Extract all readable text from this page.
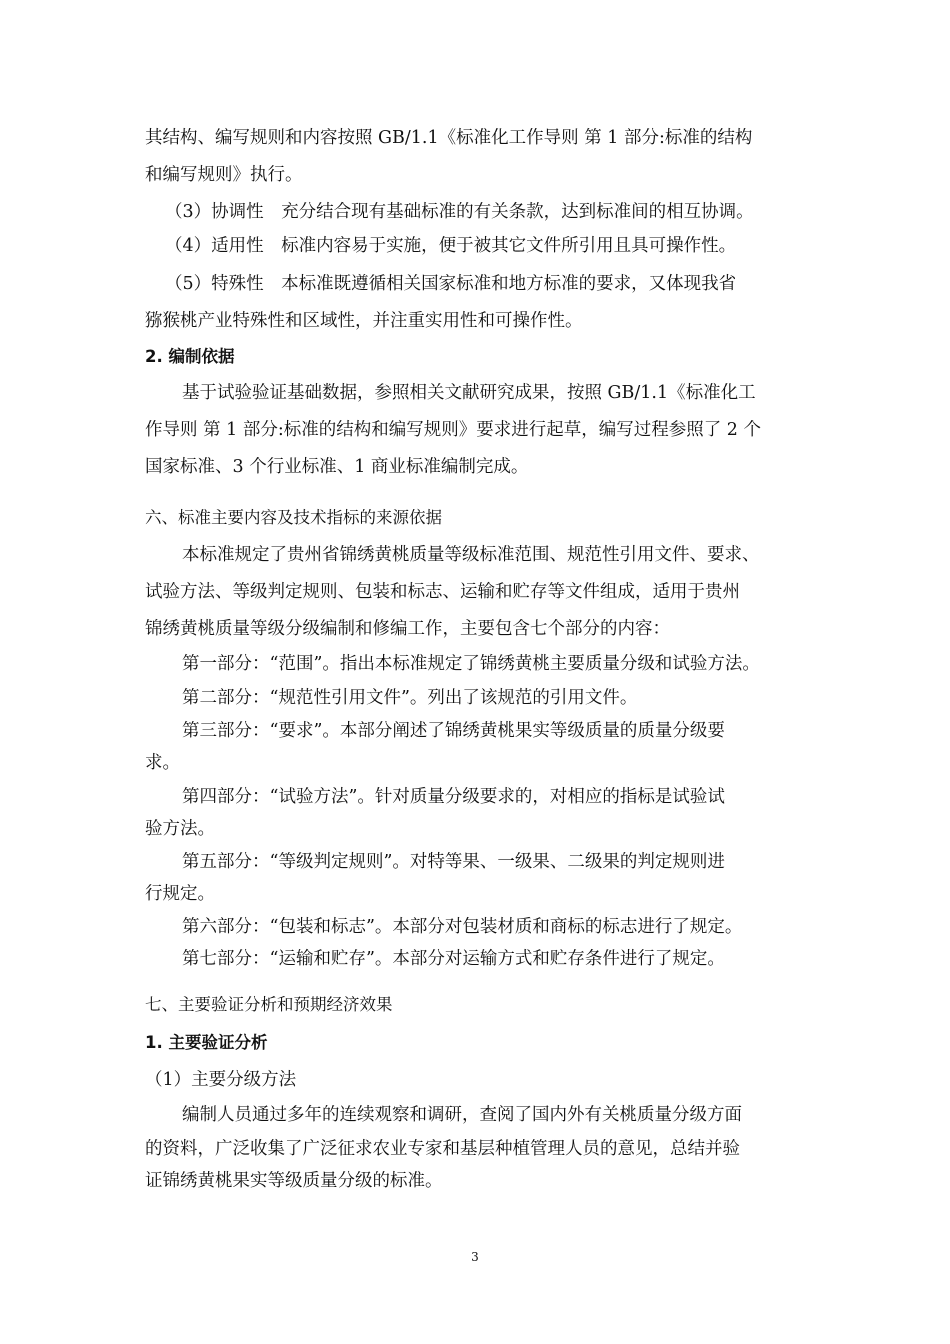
其结构、编写规则和内容按照 GB/1.1《标准化工作导则 第 1 部分:标准的结构
和编写规则》执行。
（3）协调性　充分结合现有基础标准的有关条款，达到标准间的相互协调。
（4）适用性　标准内容易于实施，便于被其它文件所引用且具可操作性。
（5）特殊性　本标准既遵循相关国家标准和地方标准的要求，又体现我省
猕猴桃产业特殊性和区域性，并注重实用性和可操作性。
2. 编制依据
基于试验验证基础数据，参照相关文献研究成果，按照 GB/1.1《标准化工
作导则 第 1 部分:标准的结构和编写规则》要求进行起草，编写过程参照了 2 个
国家标准、3 个行业标准、1 商业标准编制完成。
六、标准主要内容及技术指标的来源依据
本标准规定了贵州省锦绣黄桃质量等级标准范围、规范性引用文件、要求、
试验方法、等级判定规则、包装和标志、运输和贮存等文件组成，适用于贵州
锦绣黄桃质量等级分级编制和修编工作，主要包含七个部分的内容：
第一部分：“范围”。指出本标准规定了锦绣黄桃主要质量分级和试验方法。
第二部分：“规范性引用文件”。列出了该规范的引用文件。
第三部分：“要求”。本部分阐述了锦绣黄桃果实等级质量的质量分级要
求。
第四部分：“试验方法”。针对质量分级要求的，对相应的指标是试验试
验方法。
第五部分：“等级判定规则”。对特等果、一级果、二级果的判定规则进
行规定。
第六部分：“包装和标志”。本部分对包装材质和商标的标志进行了规定。
第七部分：“运输和贮存”。本部分对运输方式和贮存条件进行了规定。
七、主要验证分析和预期经济效果
1. 主要验证分析
（1）主要分级方法
编制人员通过多年的连续观察和调研，查阅了国内外有关桃质量分级方面
的资料，广泛收集了广泛征求农业专家和基层种植管理人员的意见，总结并验
证锦绣黄桃果实等级质量分级的标准。
3
